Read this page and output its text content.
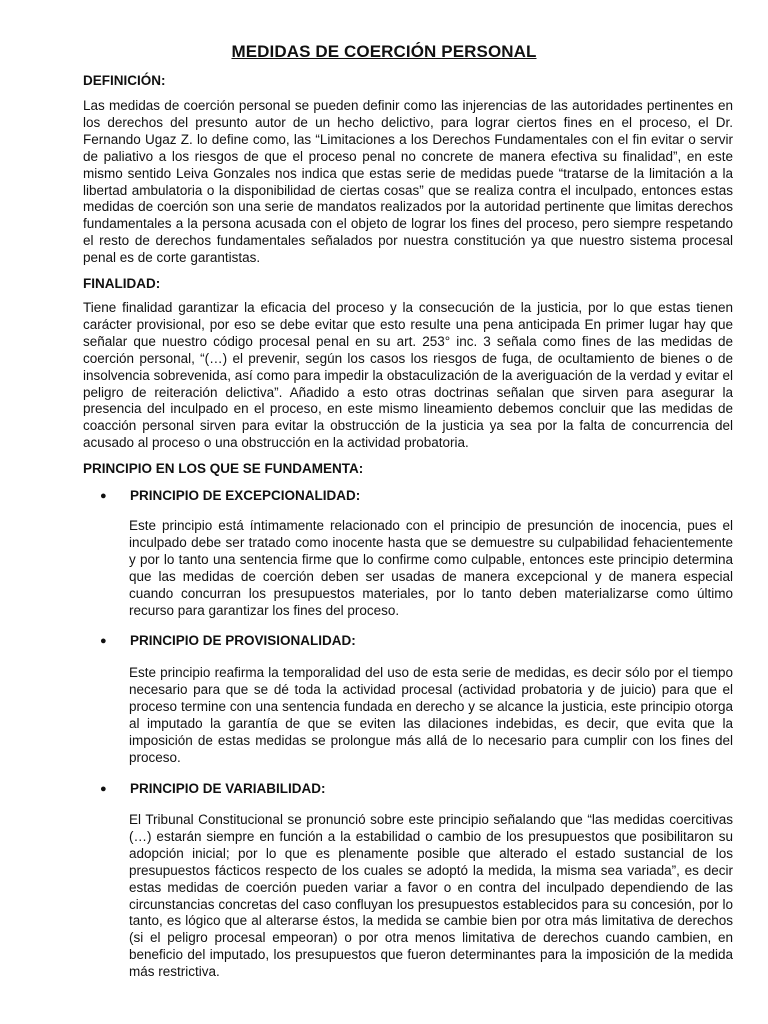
MEDIDAS DE COERCIÓN PERSONAL
DEFINICIÓN:

Las medidas de coerción personal se pueden definir como las injerencias de las autoridades pertinentes en los derechos del presunto autor de un hecho delictivo, para lograr ciertos fines en el proceso, el Dr. Fernando Ugaz Z. lo define como, las “Limitaciones a los Derechos Fundamentales con el fin evitar o servir de paliativo a los riesgos de que el proceso penal no concrete de manera efectiva su finalidad”, en este mismo sentido Leiva Gonzales nos indica que estas serie de medidas puede “tratarse de la limitación a la libertad ambulatoria o la disponibilidad de ciertas cosas” que se realiza contra el inculpado, entonces estas medidas de coerción son una serie de mandatos realizados por la autoridad pertinente que limitas derechos fundamentales a la persona acusada con el objeto de lograr los fines del proceso, pero siempre respetando el resto de derechos fundamentales señalados por nuestra constitución ya que nuestro sistema procesal penal es de corte garantistas.

FINALIDAD:

Tiene finalidad garantizar la eficacia del proceso y la consecución de la justicia, por lo que estas tienen carácter provisional, por eso se debe evitar que esto resulte una pena anticipada En primer lugar hay que señalar que nuestro código procesal penal en su art. 253° inc. 3 señala como fines de las medidas de coerción personal, “(…) el prevenir, según los casos los riesgos de fuga, de ocultamiento de bienes o de insolvencia sobrevenida, así como para impedir la obstaculización de la averiguación de la verdad y evitar el peligro de reiteración delictiva”. Añadido a esto otras doctrinas señalan que sirven para asegurar la presencia del inculpado en el proceso, en este mismo lineamiento debemos concluir que las medidas de coacción personal sirven para evitar la obstrucción de la justicia ya sea por la falta de concurrencia del acusado al proceso o una obstrucción en la actividad probatoria.

PRINCIPIO EN LOS QUE SE FUNDAMENTA:
● PRINCIPIO DE EXCEPCIONALIDAD:

Este principio está íntimamente relacionado con el principio de presunción de inocencia, pues el inculpado debe ser tratado como inocente hasta que se demuestre su culpabilidad fehacientemente y por lo tanto una sentencia firme que lo confirme como culpable, entonces este principio determina que las medidas de coerción deben ser usadas de manera excepcional y de manera especial cuando concurran los presupuestos materiales, por lo tanto deben materializarse como último recurso para garantizar los fines del proceso.

● PRINCIPIO DE PROVISIONALIDAD:

Este principio reafirma la temporalidad del uso de esta serie de medidas, es decir sólo por el tiempo necesario para que se dé toda la actividad procesal (actividad probatoria y de juicio) para que el proceso termine con una sentencia fundada en derecho y se alcance la justicia, este principio otorga al imputado la garantía de que se eviten las dilaciones indebidas, es decir, que evita que la imposición de estas medidas se prolongue más allá de lo necesario para cumplir con los fines del proceso.

● PRINCIPIO DE VARIABILIDAD:

El Tribunal Constitucional se pronunció sobre este principio señalando que “las medidas coercitivas (…) estarán siempre en función a la estabilidad o cambio de los presupuestos que posibilitaron su adopción inicial; por lo que es plenamente posible que alterado el estado sustancial de los presupuestos fácticos respecto de los cuales se adoptó la medida, la misma sea variada”, es decir estas medidas de coerción pueden variar a favor o en contra del inculpado dependiendo de las circunstancias concretas del caso confluyan los presupuestos establecidos para su concesión, por lo tanto, es lógico que al alterarse éstos, la medida se cambie bien por otra más limitativa de derechos (si el peligro procesal empeoran) o por otra menos limitativa de derechos cuando cambien, en beneficio del imputado, los presupuestos que fueron determinantes para la imposición de la medida más restrictiva.
